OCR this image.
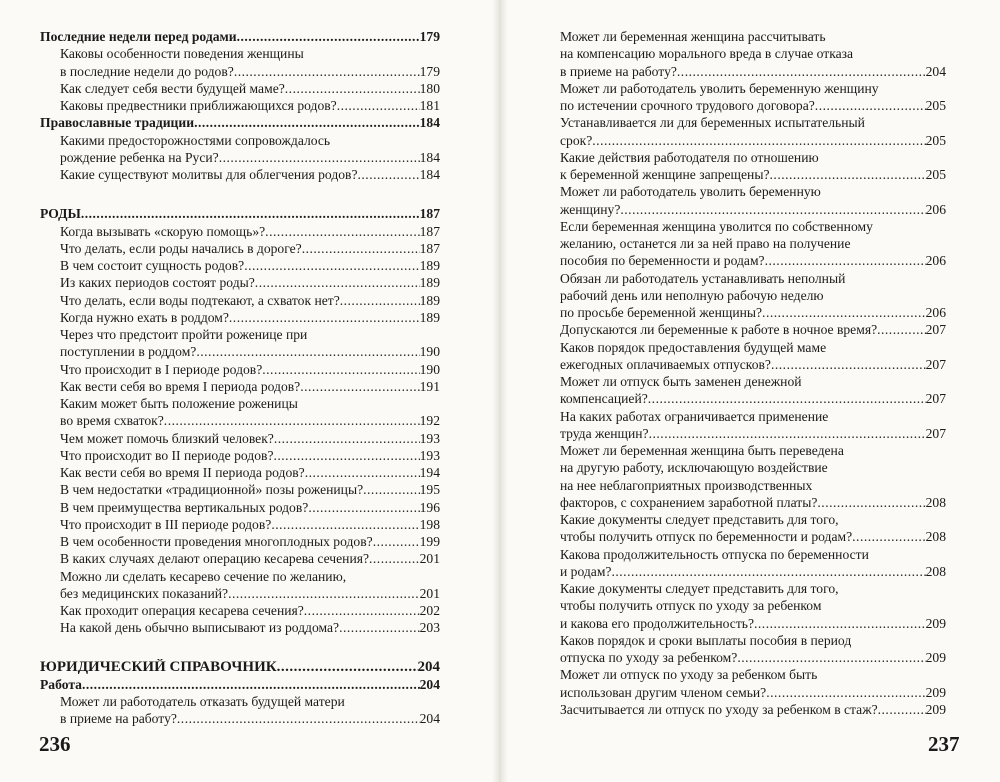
Последние недели перед родами .....	179
Каковы особенности поведения женщины
в последние недели до родов? .....	179
Как следует себя вести будущей маме? .....	180
Каковы предвестники приближающихся родов? .....	181
Православные традиции .....	184
Какими предосторожностями сопровождалось
рождение ребенка на Руси? .....	184
Какие существуют молитвы для облегчения родов? .....	184
РОДЫ .....	187
Когда вызывать «скорую помощь»? .....	187
Что делать, если роды начались в дороге? .....	187
В чем состоит сущность родов? .....	189
Из каких периодов состоят роды? .....	189
Что делать, если воды подтекают, а схваток нет? .....	189
Когда нужно ехать в роддом? .....	189
Через что предстоит пройти роженице при
поступлении в роддом? .....	190
Что происходит в I периоде родов? .....	190
Как вести себя во время I периода родов? .....	191
Каким может быть положение роженицы
во время схваток? .....	192
Чем может помочь близкий человек? .....	193
Что происходит во II периоде родов? .....	193
Как вести себя во время II периода родов? .....	194
В чем недостатки «традиционной» позы роженицы? .....	195
В чем преимущества вертикальных родов? .....	196
Что происходит в III периоде родов? .....	198
В чем особенности проведения многоплодных родов? .....	199
В каких случаях делают операцию кесарева сечения? .....	201
Можно ли сделать кесарево сечение по желанию,
без медицинских показаний? .....	201
Как проходит операция кесарева сечения? .....	202
На какой день обычно выписывают из роддома? .....	203
ЮРИДИЧЕСКИЙ СПРАВОЧНИК .....	204
Работа .....	204
Может ли работодатель отказать будущей матери
в приеме на работу? .....	204
Может ли беременная женщина рассчитывать
на компенсацию морального вреда в случае отказа
в приеме на работу? .....	204
Может ли работодатель уволить беременную женщину
по истечении срочного трудового договора? .....	205
Устанавливается ли для беременных испытательный
срок? .....	205
Какие действия работодателя по отношению
к беременной женщине запрещены? .....	205
Может ли работодатель уволить беременную
женщину? .....	206
Если беременная женщина уволится по собственному
желанию, останется ли за ней право на получение
пособия по беременности и родам? .....	206
Обязан ли работодатель устанавливать неполный
рабочий день или неполную рабочую неделю
по просьбе беременной женщины? .....	206
Допускаются ли беременные к работе в ночное время? .....	207
Каков порядок предоставления будущей маме
ежегодных оплачиваемых отпусков? .....	207
Может ли отпуск быть заменен денежной
компенсацией? .....	207
На каких работах ограничивается применение
труда женщин? .....	207
Может ли беременная женщина быть переведена
на другую работу, исключающую воздействие
на нее неблагоприятных производственных
факторов, с сохранением заработной платы? .....	208
Какие документы следует представить для того,
чтобы получить отпуск по беременности и родам? .....	208
Какова продолжительность отпуска по беременности
и родам? .....	208
Какие документы следует представить для того,
чтобы получить отпуск по уходу за ребенком
и какова его продолжительность? .....	209
Каков порядок и сроки выплаты пособия в период
отпуска по уходу за ребенком? .....	209
Может ли отпуск по уходу за ребенком быть
использован другим членом семьи? .....	209
Засчитывается ли отпуск по уходу за ребенком в стаж? .....	209
236	237
